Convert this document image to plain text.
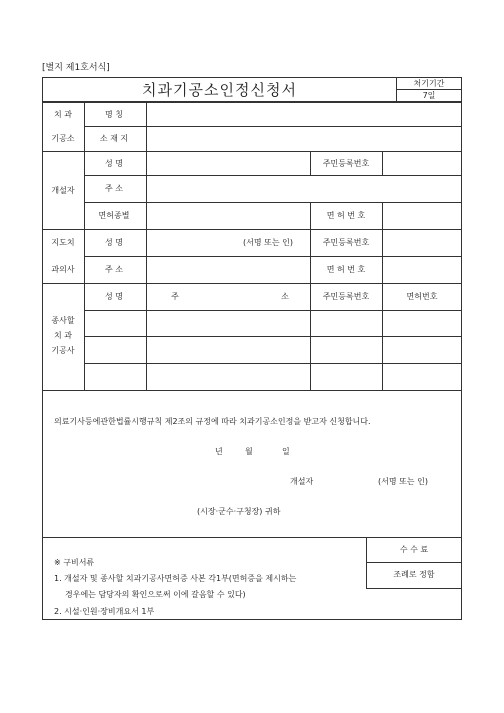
[별지 제1호서식]
치과기공소인정신청서	처기기간
7일
치 과
기공소
명 칭
소 재 지
개설자
성 명	주민등록번호
주 소
면허종별	면 허 번 호
지도치
과의사
성 명	(서명 또는 인)	주민등록번호
주 소	면 허 번 호
종사할
치 과
기공사
성 명	주	소	주민등록번호	면허번호
의료기사등에관한법률시행규칙 제2조의 규정에 따라 치과기공소인정을 받고자 신청합니다.
년	월	일
개설자	(서명 또는 인)
(시장·군수·구청장) 귀하
※ 구비서류
1. 개설자 및 종사할 치과기공사면허증 사본 각1부(면허증을 제시하는
경우에는 담당자의 확인으로써 이에 갈음할 수 있다)
2. 시설·인원·장비개요서 1부
수 수 료
조례로 정함
